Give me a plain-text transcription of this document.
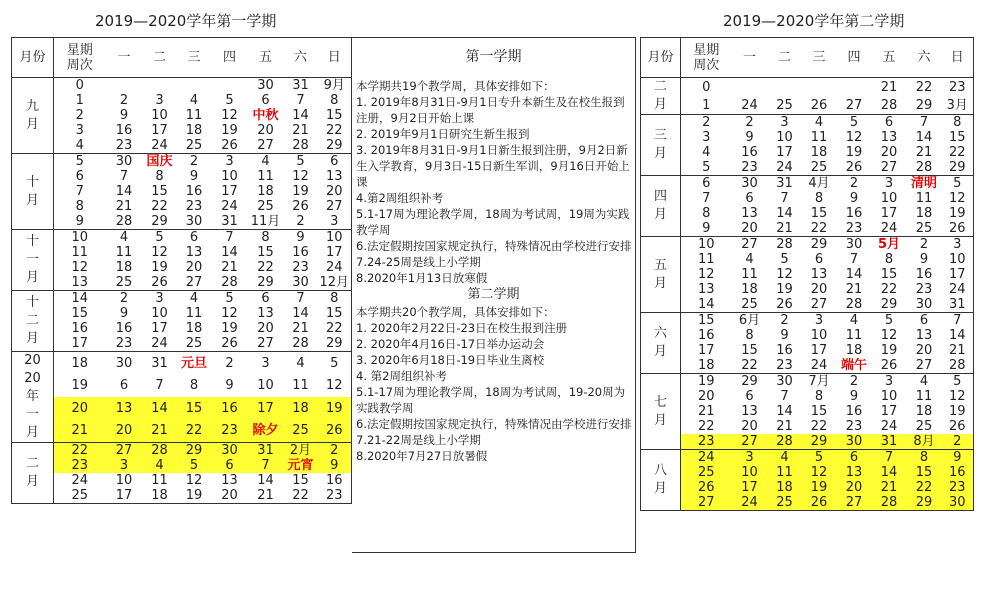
2019—2020学年第一学期	2019—2020学年第二学期
月份	星期
周次	一	二	三	四	五	六	日

九月	0					30	31	9月
	1	2	3	4	5	6	7	8
	2	9	10	11	12	中秋	14	15
	3	16	17	18	19	20	21	22
	4	23	24	25	26	27	28	29

十月	5	30	国庆	2	3	4	5	6
	6	7	8	9	10	11	12	13
	7	14	15	16	17	18	19	20
	8	21	22	23	24	25	26	27
	9	28	29	30	31	11月	2	3

十一月	10	4	5	6	7	8	9	10
	11	11	12	13	14	15	16	17
	12	18	19	20	21	22	23	24
	13	25	26	27	28	29	30	12月

十二月	14	2	3	4	5	6	7	8
	15	9	10	11	12	13	14	15
	16	16	17	18	19	20	21	22
	17	23	24	25	26	27	28	29

2020
年一月	18	30	31	元旦	2	3	4	5
	19	6	7	8	9	10	11	12
	20	13	14	15	16	17	18	19
	21	20	21	22	23	除夕	25	26

二月	22	27	28	29	30	31	2月	2
	23	3	4	5	6	7	元宵	9
	24	10	11	12	13	14	15	16
	25	17	18	19	20	21	22	23
第一学期
本学期共19个教学周，具体安排如下：
1. 2019年8月31日-9月1日专升本新生及在校生报到注册，9月2日开始上课
2. 2019年9月1日研究生新生报到
3. 2019年8月31日-9月1日新生报到注册，9月2日新生入学教育，9月3日-15日新生军训，9月16日开始上课
4.第2周组织补考
5.1-17周为理论教学周，18周为考试周，19周为实践教学周
6.法定假期按国家规定执行，特殊情况由学校进行安排
7.24-25周是线上小学期
8.2020年1月13日放寒假
第二学期
本学期共20个教学周，具体安排如下：
1. 2020年2月22日-23日在校生报到注册
2. 2020年4月16日-17日举办运动会
3. 2020年6月18日-19日毕业生离校
4. 第2周组织补考
5.1-17周为理论教学周，18周为考试周，19-20周为实践教学周
6.法定假期按国家规定执行，特殊情况由学校进行安排
7.21-22周是线上小学期
8.2020年7月27日放暑假
月份	星期
周次	一	二	三	四	五	六	日

二月	0					21	22	23
	1	24	25	26	27	28	29	3月

三月	2	2	3	4	5	6	7	8
	3	9	10	11	12	13	14	15
	4	16	17	18	19	20	21	22
	5	23	24	25	26	27	28	29

四月	6	30	31	4月	2	3	清明	5
	7	6	7	8	9	10	11	12
	8	13	14	15	16	17	18	19
	9	20	21	22	23	24	25	26

五月	10	27	28	29	30	5月	2	3
	11	4	5	6	7	8	9	10
	12	11	12	13	14	15	16	17
	13	18	19	20	21	22	23	24
	14	25	26	27	28	29	30	31

六月	15	6月	2	3	4	5	6	7
	16	8	9	10	11	12	13	14
	17	15	16	17	18	19	20	21
	18	22	23	24	端午	26	27	28

七月	19	29	30	7月	2	3	4	5
	20	6	7	8	9	10	11	12
	21	13	14	15	16	17	18	19
	22	20	21	22	23	24	25	26
	23	27	28	29	30	31	8月	2

八月	24	3	4	5	6	7	8	9
	25	10	11	12	13	14	15	16
	26	17	18	19	20	21	22	23
	27	24	25	26	27	28	29	30
